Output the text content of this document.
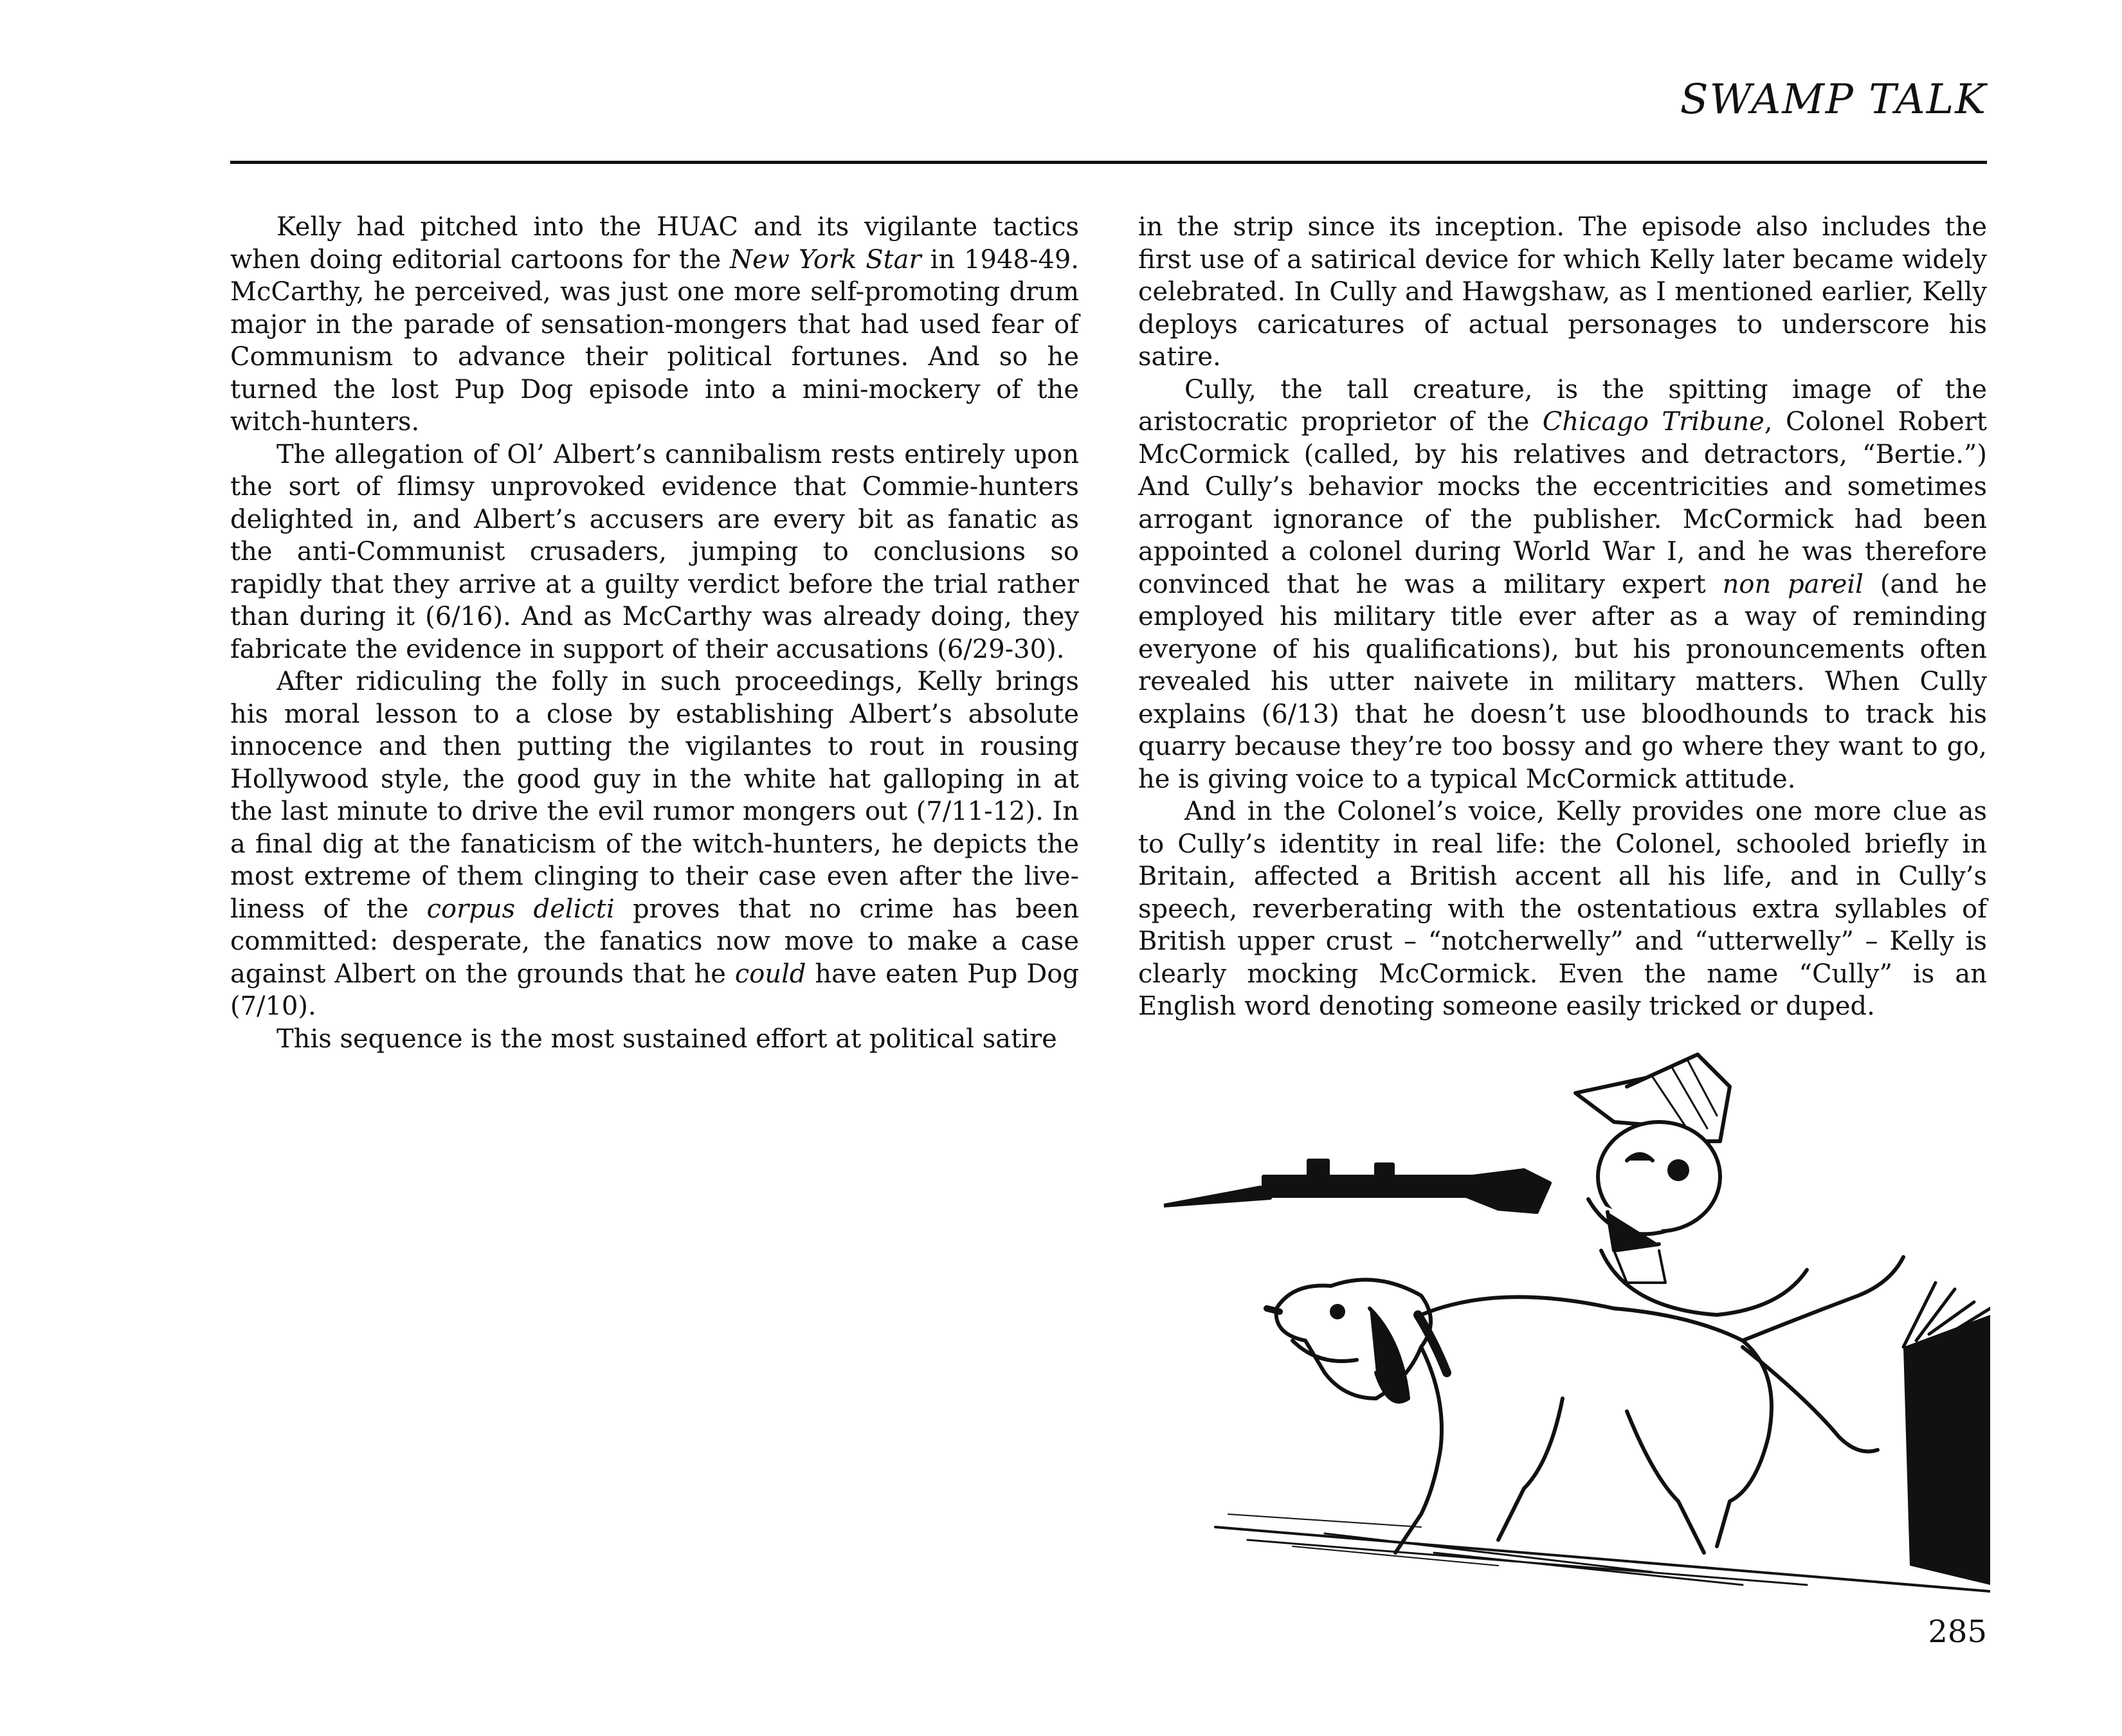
SWAMP TALK

Kelly had pitched into the HUAC and its vigilante tactics when doing editorial cartoons for the New York Star in 1948-49. McCarthy, he perceived, was just one more self-promoting drum major in the parade of sensation-mongers that had used fear of Communism to advance their political fortunes. And so he turned the lost Pup Dog episode into a mini-mockery of the witch-hunters.

The allegation of Ol’ Albert’s cannibalism rests entirely upon the sort of flimsy unprovoked evidence that Commie-hunters delighted in, and Albert’s accusers are every bit as fanatic as the anti-Communist crusaders, jumping to conclusions so rapidly that they arrive at a guilty verdict before the trial rather than during it (6/16). And as McCarthy was already doing, they fabricate the evidence in support of their accusations (6/29-30).

After ridiculing the folly in such proceedings, Kelly brings his moral lesson to a close by establishing Albert’s absolute innocence and then putting the vigilantes to rout in rousing Hollywood style, the good guy in the white hat galloping in at the last minute to drive the evil rumor mongers out (7/11-12). In a final dig at the fanaticism of the witch-hunters, he depicts the most extreme of them clinging to their case even after the live-liness of the corpus delicti proves that no crime has been committed: desperate, the fanatics now move to make a case against Albert on the grounds that he could have eaten Pup Dog (7/10).

This sequence is the most sustained effort at political satire

in the strip since its inception. The episode also includes the first use of a satirical device for which Kelly later became widely celebrated. In Cully and Hawgshaw, as I mentioned earlier, Kelly deploys caricatures of actual personages to underscore his satire.

Cully, the tall creature, is the spitting image of the aristocratic proprietor of the Chicago Tribune, Colonel Robert McCormick (called, by his relatives and detractors, “Bertie.”) And Cully’s behavior mocks the eccentricities and sometimes arrogant ignorance of the publisher. McCormick had been appointed a colonel during World War I, and he was therefore convinced that he was a military expert non pareil (and he employed his military title ever after as a way of reminding everyone of his qualifications), but his pronouncements often revealed his utter naivete in military matters. When Cully explains (6/13) that he doesn’t use bloodhounds to track his quarry because they’re too bossy and go where they want to go, he is giving voice to a typical McCormick attitude.

And in the Colonel’s voice, Kelly provides one more clue as to Cully’s identity in real life: the Colonel, schooled briefly in Britain, affected a British accent all his life, and in Cully’s speech, reverberating with the ostentatious extra syllables of British upper crust – “notcherwelly” and “utterwelly” – Kelly is clearly mocking McCormick. Even the name “Cully” is an English word denoting someone easily tricked or duped.

285
